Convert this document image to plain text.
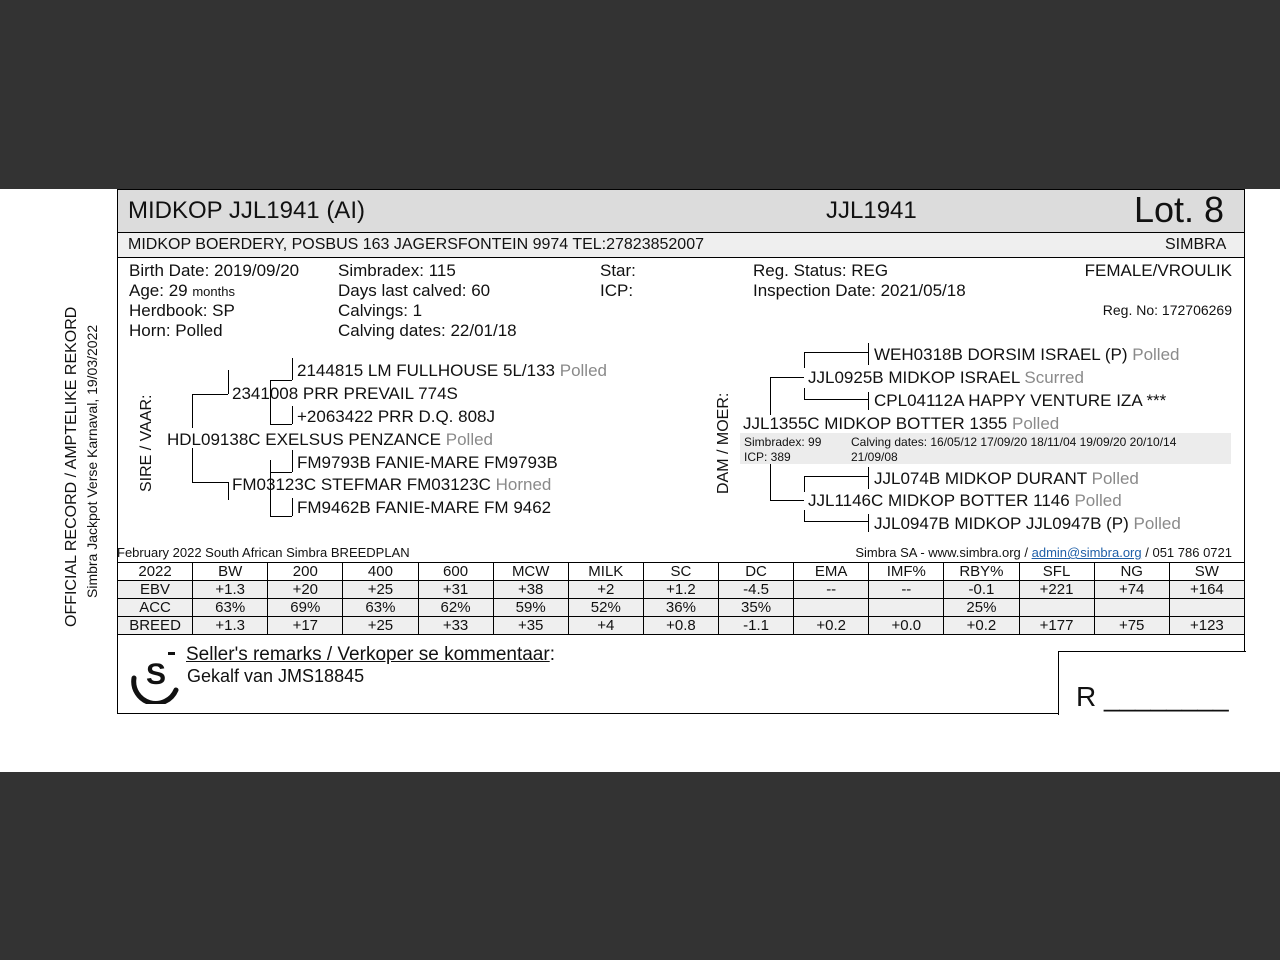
OFFICIAL RECORD / AMPTELIKE REKORD Simbra Jackpot Verse Karnaval, 19/03/2022
MIDKOP JJL1941 (AI)	JJL1941	Lot. 8
MIDKOP BOERDERY, POSBUS 163 JAGERSFONTEIN 9974 TEL:27823852007	SIMBRA
Birth Date: 2019/09/20
Age: 29 months
Herdbook: SP
Horn: Polled
Simbradex: 115
Days last calved: 60
Calvings: 1
Calving dates: 22/01/18
Star:
ICP:
Reg. Status: REG
Inspection Date: 2021/05/18
FEMALE/VROULIK
Reg. No: 172706269
SIRE / VAAR:
2144815 LM FULLHOUSE 5L/133 Polled
2341008 PRR PREVAIL 774S
+2063422 PRR D.Q. 808J
HDL09138C EXELSUS PENZANCE Polled
FM9793B FANIE-MARE FM9793B
FM03123C STEFMAR FM03123C Horned
FM9462B FANIE-MARE FM 9462
DAM / MOER:
WEH0318B DORSIM ISRAEL (P) Polled
JJL0925B MIDKOP ISRAEL Scurred
CPL04112A HAPPY VENTURE IZA ***
JJL1355C MIDKOP BOTTER 1355 Polled
Simbradex: 99
ICP: 389
Calving dates: 16/05/12 17/09/20 18/11/04 19/09/20 20/10/14
21/09/08
JJL074B MIDKOP DURANT Polled
JJL1146C MIDKOP BOTTER 1146 Polled
JJL0947B MIDKOP JJL0947B (P) Polled
February 2022 South African Simbra BREEDPLAN	Simbra SA - www.simbra.org / admin@simbra.org / 051 786 0721
2022	BW	200	400	600	MCW	MILK	SC	DC	EMA	IMF%	RBY%	SFL	NG	SW
EBV	+1.3	+20	+25	+31	+38	+2	+1.2	-4.5	--	--	-0.1	+221	+74	+164
ACC	63%	69%	63%	62%	59%	52%	36%	35%			25%			
BREED	+1.3	+17	+25	+33	+35	+4	+0.8	-1.1	+0.2	+0.0	+0.2	+177	+75	+123
S
Seller's remarks / Verkoper se kommentaar:
Gekalf van JMS18845
R ________
